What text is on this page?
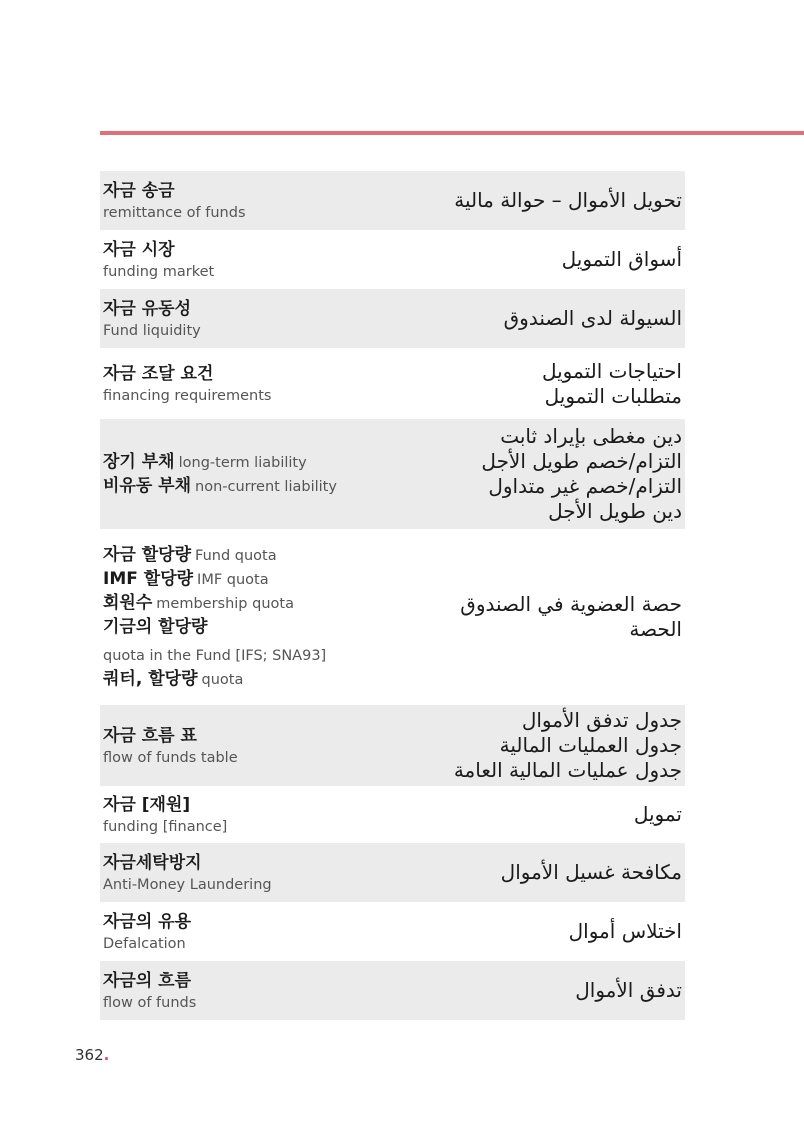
자금 송금
remittance of funds
تحويل الأموال – حوالة مالية
자금 시장
funding market
أسواق التمويل
자금 유동성
Fund liquidity
السيولة لدى الصندوق
자금 조달 요건
financing requirements
احتياجات التمويل
متطلبات التمويل
장기 부채 long-term liability
비유동 부채 non-current liability
دين مغطى بإيراد ثابت
التزام/خصم طويل الأجل
التزام/خصم غير متداول
دين طويل الأجل
자금 할당량 Fund quota
IMF 할당량 IMF quota
회원수 membership quota
기금의 할당량
quota in the Fund [IFS; SNA93]
쿼터, 할당량 quota
حصة العضوية في الصندوق
الحصة
자금 흐름 표
flow of funds table
جدول تدفق الأموال
جدول العمليات المالية
جدول عمليات المالية العامة
자금 [재원]
funding [finance]
تمويل
자금세탁방지
Anti-Money Laundering
مكافحة غسيل الأموال
자금의 유용
Defalcation
اختلاس أموال
자금의 흐름
flow of funds
تدفق الأموال
362.
